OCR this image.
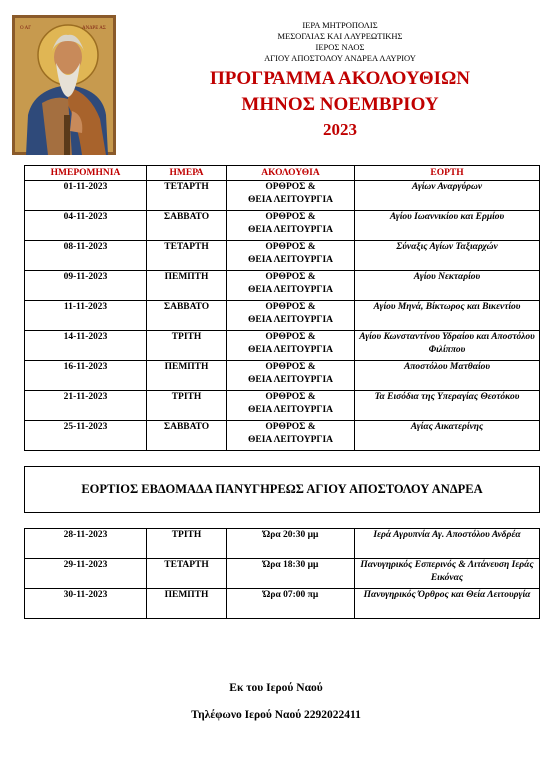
Ο ΑΓ	ΑΝΔΡΕ ΑΣ	ΙΕΡΑ ΜΗΤΡΟΠΟΛΙΣ
ΜΕΣΟΓΑΙΑΣ ΚΑΙ ΛΑΥΡΕΩΤΙΚΗΣ
ΙΕΡΟΣ ΝΑΟΣ
ΑΓΙΟΥ ΑΠΟΣΤΟΛΟΥ ΑΝΔΡΕΑ ΛΑΥΡΙΟΥ
ΠΡΟΓΡΑΜΜΑ ΑΚΟΛΟΥΘΙΩΝ
ΜΗΝΟΣ ΝΟΕΜΒΡΙΟΥ
2023
ΗΜΕΡΟΜΗΝΙΑ	ΗΜΕΡΑ	ΑΚΟΛΟΥΘΙΑ	ΕΟΡΤΗ
01-11-2023	ΤΕΤΑΡΤΗ	ΟΡΘΡΟΣ &
ΘΕΙΑ ΛΕΙΤΟΥΡΓΙΑ	Αγίων Αναργύρων
04-11-2023	ΣΑΒΒΑΤΟ	ΟΡΘΡΟΣ &
ΘΕΙΑ ΛΕΙΤΟΥΡΓΙΑ	Αγίου Ιωαννικίου και Ερμίου
08-11-2023	ΤΕΤΑΡΤΗ	ΟΡΘΡΟΣ &
ΘΕΙΑ ΛΕΙΤΟΥΡΓΙΑ	Σύναξις Αγίων Ταξιαρχών
09-11-2023	ΠΕΜΠΤΗ	ΟΡΘΡΟΣ &
ΘΕΙΑ ΛΕΙΤΟΥΡΓΙΑ	Αγίου Νεκταρίου
11-11-2023	ΣΑΒΒΑΤΟ	ΟΡΘΡΟΣ &
ΘΕΙΑ ΛΕΙΤΟΥΡΓΙΑ	Αγίου Μηνά, Βίκτωρος και Βικεντίου
14-11-2023	ΤΡΙΤΗ	ΟΡΘΡΟΣ &
ΘΕΙΑ ΛΕΙΤΟΥΡΓΙΑ	Αγίου Κωνσταντίνου Υδραίου και Αποστόλου Φιλίππου
16-11-2023	ΠΕΜΠΤΗ	ΟΡΘΡΟΣ &
ΘΕΙΑ ΛΕΙΤΟΥΡΓΙΑ	Αποστόλου Ματθαίου
21-11-2023	ΤΡΙΤΗ	ΟΡΘΡΟΣ &
ΘΕΙΑ ΛΕΙΤΟΥΡΓΙΑ	Τα Εισόδια της Υπεραγίας Θεοτόκου
25-11-2023	ΣΑΒΒΑΤΟ	ΟΡΘΡΟΣ &
ΘΕΙΑ ΛΕΙΤΟΥΡΓΙΑ	Αγίας Αικατερίνης

ΕΟΡΤΙΟΣ ΕΒΔΟΜΑΔΑ ΠΑΝΥΓΗΡΕΩΣ ΑΓΙΟΥ ΑΠΟΣΤΟΛΟΥ ΑΝΔΡΕΑ			

28-11-2023	ΤΡΙΤΗ	Ώρα 20:30 μμ	Ιερά Αγρυπνία Αγ. Αποστόλου Ανδρέα
29-11-2023	ΤΕΤΑΡΤΗ	Ώρα 18:30 μμ	Πανυγηρικός Εσπερινός & Λιτάνευση Ιεράς Εικόνας
30-11-2023	ΠΕΜΠΤΗ	Ώρα 07:00 πμ	Πανυγηρικός Όρθρος και Θεία Λειτουργία
Εκ του Ιερού Ναού
Τηλέφωνο Ιερού Ναού 2292022411
